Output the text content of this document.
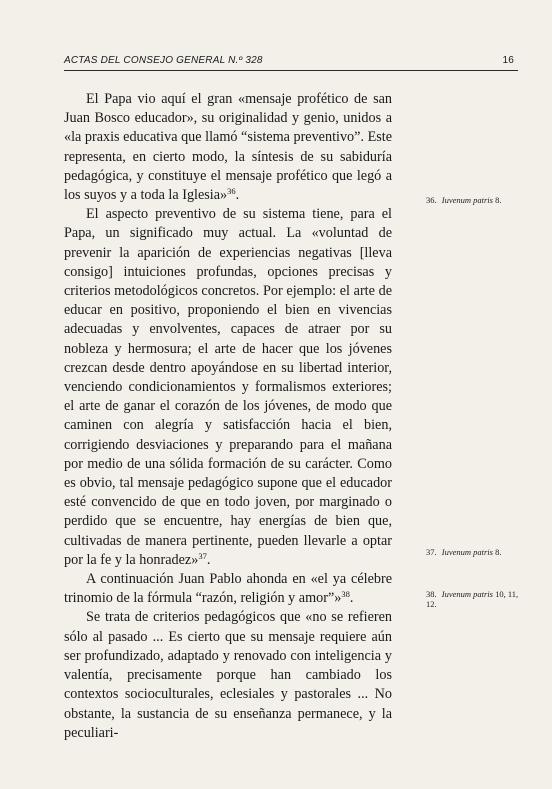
ACTAS DEL CONSEJO GENERAL N.º 328	16

El Papa vio aquí el gran «mensaje profético de san Juan Bosco educador», su originalidad y genio, unidos a «la praxis educativa que llamó “sistema preventivo”. Este representa, en cierto modo, la síntesis de su sabiduría pedagógica, y constituye el mensaje profético que legó a los suyos y a toda la Iglesia»$^{36}$.

El aspecto preventivo de su sistema tiene, para el Papa, un significado muy actual. La «voluntad de prevenir la aparición de experiencias negativas [lleva consigo] intuiciones profundas, opciones precisas y criterios metodológicos concretos. Por ejemplo: el arte de educar en positivo, proponiendo el bien en vivencias adecuadas y envolventes, capaces de atraer por su nobleza y hermosura; el arte de hacer que los jóvenes crezcan desde dentro apoyándose en su libertad interior, venciendo condicionamientos y formalismos exteriores; el arte de ganar el corazón de los jóvenes, de modo que caminen con alegría y satisfacción hacia el bien, corrigiendo desviaciones y preparando para el mañana por medio de una sólida formación de su carácter. Como es obvio, tal mensaje pedagógico supone que el educador esté convencido de que en todo joven, por marginado o perdido que se encuentre, hay energías de bien que, cultivadas de manera pertinente, pueden llevarle a optar por la fe y la honradez»$^{37}$.

A continuación Juan Pablo ahonda en «el ya célebre trinomio de la fórmula “razón, religión y amor”»$^{38}$.

Se trata de criterios pedagógicos que «no se refieren sólo al pasado ... Es cierto que su mensaje requiere aún ser profundizado, adaptado y renovado con inteligencia y valentía, precisamente porque han cambiado los contextos socioculturales, eclesiales y pastorales ... No obstante, la sustancia de su enseñanza permanece, y la peculiari-

36. Iuvenum patris 8.
37. Iuvenum patris 8.
38. Iuvenum patris 10, 11, 12.
